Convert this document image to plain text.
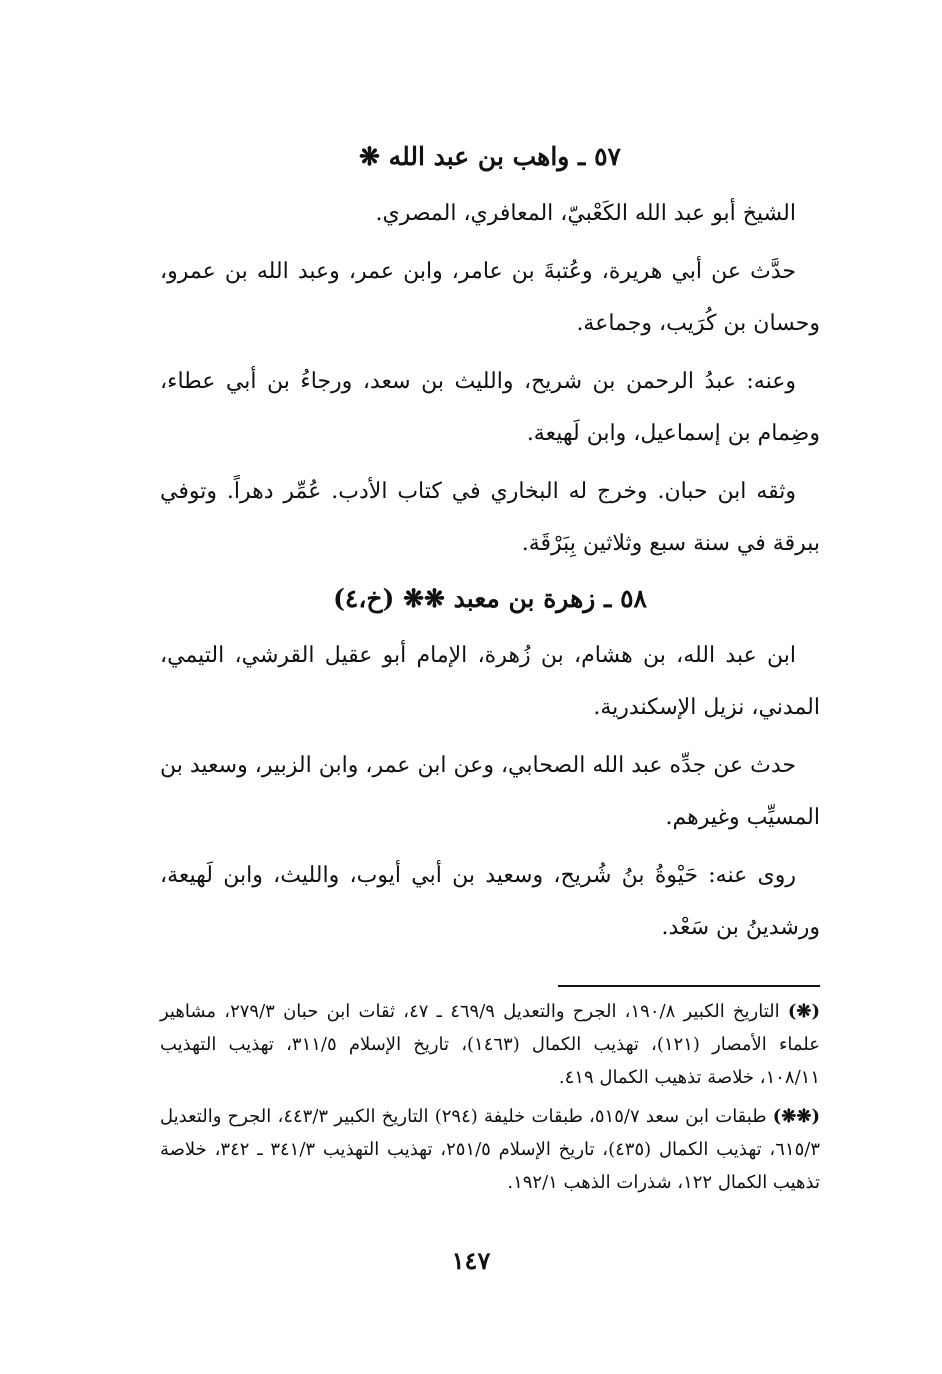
٥٧ ـ واهب بن عبد الله ❋

الشيخ أبو عبد الله الكَعْبيّ، المعافري، المصري.

حدَّث عن أبي هريرة، وعُتبةَ بن عامر، وابن عمر، وعبد الله بن عمرو، وحسان بن كُرَيب، وجماعة.

وعنه: عبدُ الرحمن بن شريح، والليث بن سعد، ورجاءُ بن أبي عطاء، وضِمام بن إسماعيل، وابن لَهيعة.

وثقه ابن حبان. وخرج له البخاري في كتاب الأدب. عُمِّر دهراً. وتوفي ببرقة في سنة سبع وثلاثين بِبَرْقَة.

٥٨ ـ زهرة بن معبد ❋❋ (خ،٤)

ابن عبد الله، بن هشام، بن زُهرة، الإمام أبو عقيل القرشي، التيمي، المدني، نزيل الإسكندرية.

حدث عن جدِّه عبد الله الصحابي، وعن ابن عمر، وابن الزبير، وسعيد بن المسيِّب وغيرهم.

روى عنه: حَيْوةُ بنُ شُريح، وسعيد بن أبي أيوب، والليث، وابن لَهيعة، ورشدينُ بن سَعْد.

(❋) التاريخ الكبير ١٩٠/٨، الجرح والتعديل ٤٦٩/٩ ـ ٤٧، ثقات ابن حبان ٢٧٩/٣، مشاهير علماء الأمصار (١٢١)، تهذيب الكمال (١٤٦٣)، تاريخ الإسلام ٣١١/٥، تهذيب التهذيب ١٠٨/١١، خلاصة تذهيب الكمال ٤١٩.

(❋❋) طبقات ابن سعد ٥١٥/٧، طبقات خليفة (٢٩٤) التاريخ الكبير ٤٤٣/٣، الجرح والتعديل ٦١٥/٣، تهذيب الكمال (٤٣٥)، تاريخ الإسلام ٢٥١/٥، تهذيب التهذيب ٣٤١/٣ ـ ٣٤٢، خلاصة تذهيب الكمال ١٢٢، شذرات الذهب ١٩٢/١.

١٤٧
